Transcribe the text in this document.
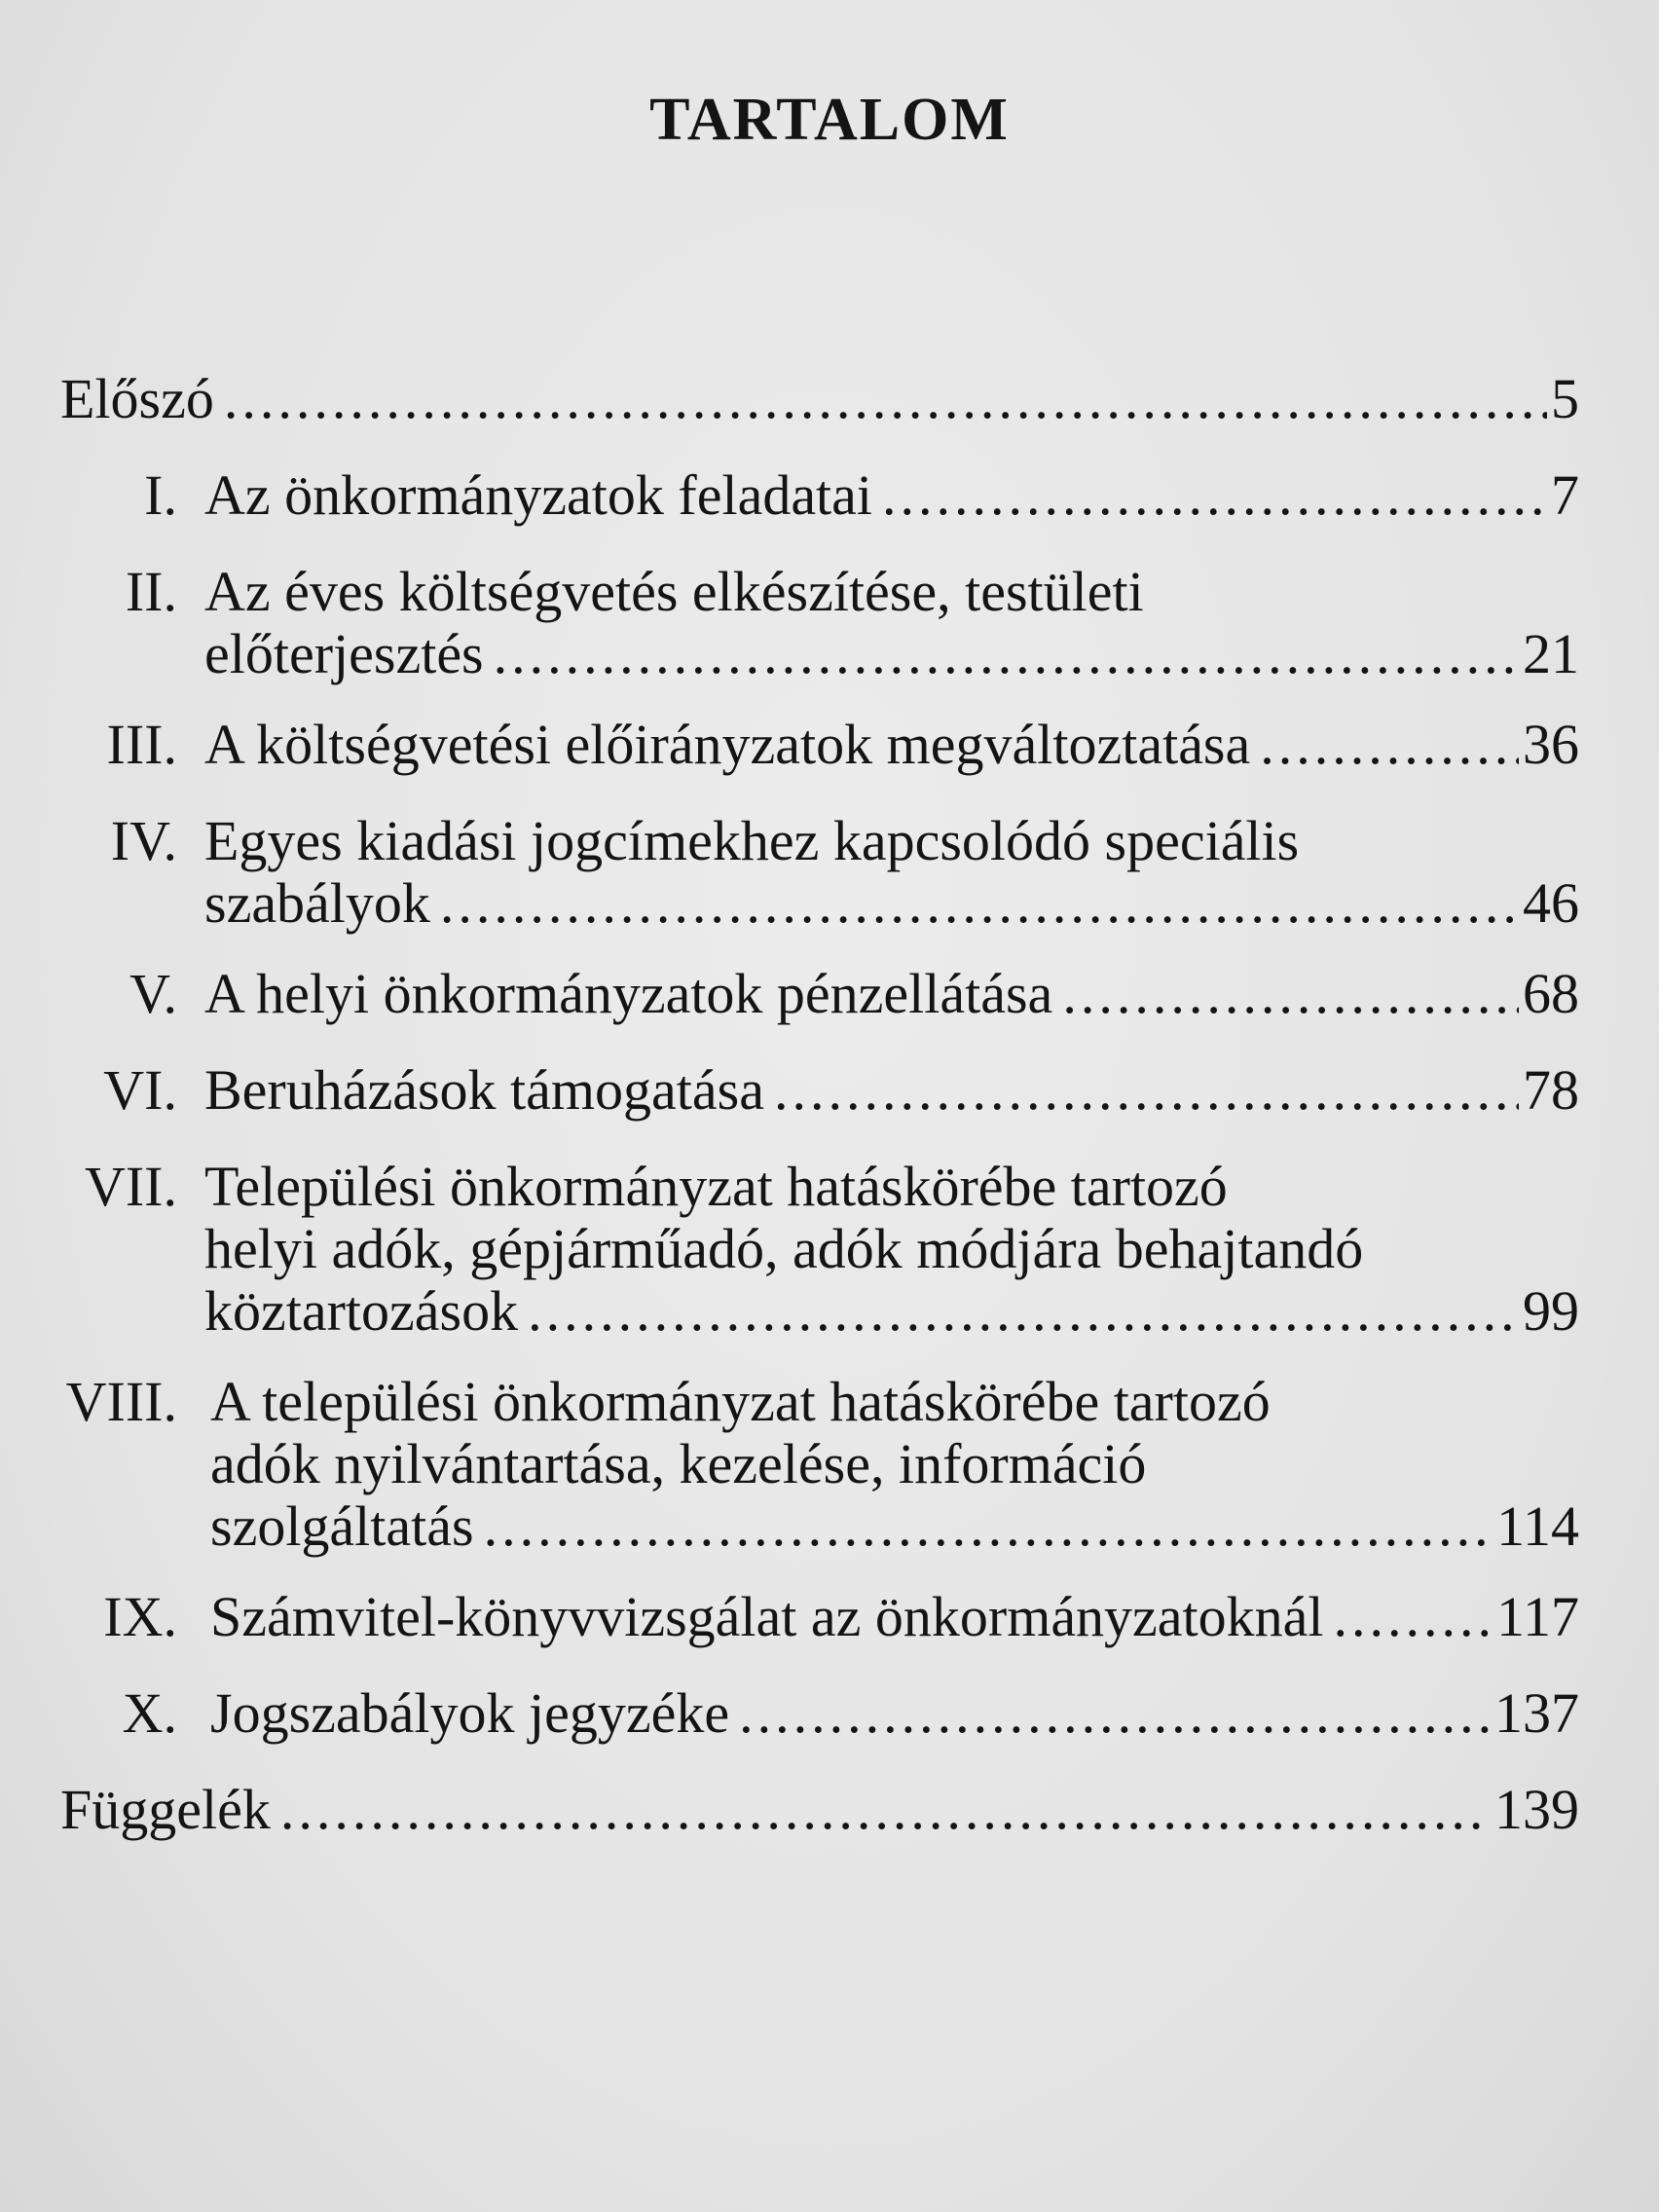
TARTALOM
Előszó .....	5
I. Az önkormányzatok feladatai .....	7
II. Az éves költségvetés elkészítése, testületi
előterjesztés .....	21
III. A költségvetési előirányzatok megváltoztatása .....	36
IV. Egyes kiadási jogcímekhez kapcsolódó speciális
szabályok .....	46
V. A helyi önkormányzatok pénzellátása .....	68
VI. Beruházások támogatása .....	78
VII. Települési önkormányzat hatáskörébe tartozó
helyi adók, gépjárműadó, adók módjára behajtandó
köztartozások .....	99
VIII. A települési önkormányzat hatáskörébe tartozó
adók nyilvántartása, kezelése, információ
szolgáltatás .....	114
IX. Számvitel-könyvvizsgálat az önkormányzatoknál .....	117
X. Jogszabályok jegyzéke .....	137
Függelék .....	139
